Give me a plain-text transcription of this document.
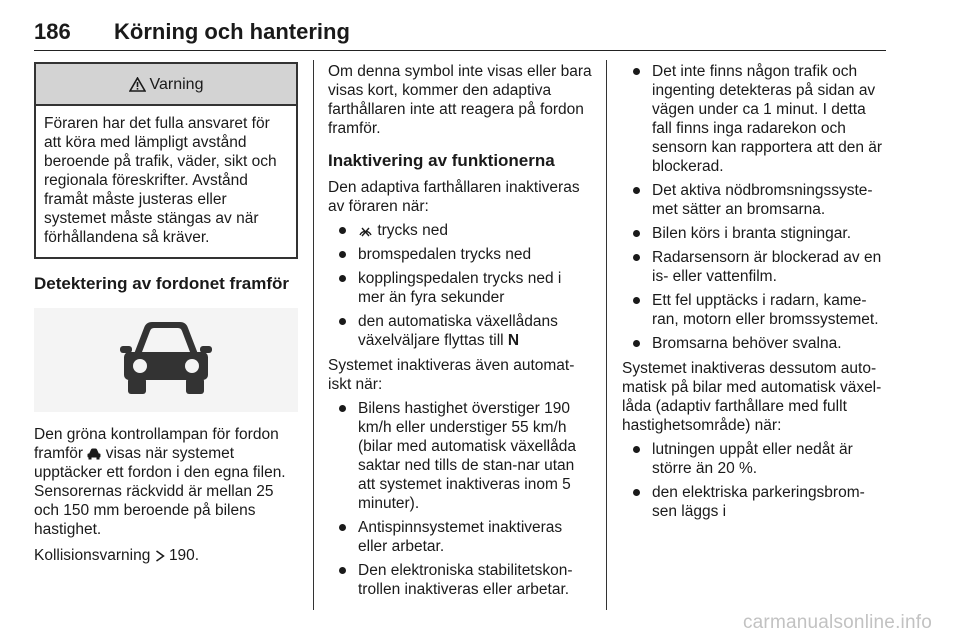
186 Körning och hantering
Varning
Föraren har det fulla ansvaret för att köra med lämpligt avstånd beroende på trafik, väder, sikt och regionala föreskrifter. Avstånd framåt måste justeras eller systemet måste stängas av när förhållandena så kräver.
Detektering av fordonet framför

Den gröna kontrollampan för fordon framför visas när systemet upptäcker ett fordon i den egna filen. Sensorernas räckvidd är mellan 25 och 150 mm beroende på bilens hastighet.

Kollisionsvarning 190.

Om denna symbol inte visas eller bara visas kort, kommer den adaptiva farthållaren inte att reagera på fordon framför.

Inaktivering av funktionerna

Den adaptiva farthållaren inaktiveras av föraren när:

trycks ned
bromspedalen trycks ned
kopplingspedalen trycks ned i mer än fyra sekunder
den automatiska växellådans växelväljare flyttas till N

Systemet inaktiveras även automat-iskt när:

Bilens hastighet överstiger 190 km/h eller understiger 55 km/h (bilar med automatisk växellåda saktar ned tills de stan-nar utan att systemet inaktiveras inom 5 minuter).
Antispinnsystemet inaktiveras eller arbetar.
Den elektroniska stabilitetskon-trollen inaktiveras eller arbetar.
Det inte finns någon trafik och ingenting detekteras på sidan av vägen under ca 1 minut. I detta fall finns inga radarekon och sensorn kan rapportera att den är blockerad.
Det aktiva nödbromsningssyste-met sätter an bromsarna.
Bilen körs i branta stigningar.
Radarsensorn är blockerad av en is- eller vattenfilm.
Ett fel upptäcks i radarn, kame-ran, motorn eller bromssystemet.
Bromsarna behöver svalna.

Systemet inaktiveras dessutom auto-matisk på bilar med automatisk växel-låda (adaptiv farthållare med fullt hastighetsområde) när:

lutningen uppåt eller nedåt är större än 20 %.
den elektriska parkeringsbrom-sen läggs i
carmanualsonline.info
